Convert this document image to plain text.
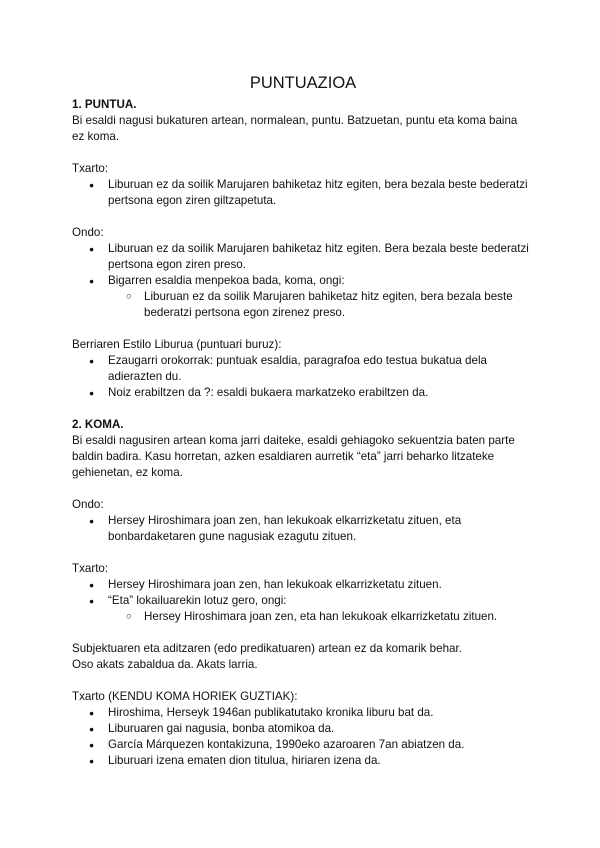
PUNTUAZIOA

1. PUNTUA.

Bi esaldi nagusi bukaturen artean, normalean, puntu. Batzuetan, puntu eta koma baina ez koma.

Txarto:

● Liburuan ez da soilik Marujaren bahiketaz hitz egiten, bera bezala beste bederatzi pertsona egon ziren giltzapetuta.

Ondo:

● Liburuan ez da soilik Marujaren bahiketaz hitz egiten. Bera bezala beste bederatzi pertsona egon ziren preso.
● Bigarren esaldia menpekoa bada, koma, ongi:
○ Liburuan ez da soilik Marujaren bahiketaz hitz egiten, bera bezala beste bederatzi pertsona egon zirenez preso.

Berriaren Estilo Liburua (puntuari buruz):

● Ezaugarri orokorrak: puntuak esaldia, paragrafoa edo testua bukatua dela adierazten du.
● Noiz erabiltzen da ?: esaldi bukaera markatzeko erabiltzen da.

2. KOMA.

Bi esaldi nagusiren artean koma jarri daiteke, esaldi gehiagoko sekuentzia baten parte baldin badira. Kasu horretan, azken esaldiaren aurretik “eta” jarri beharko litzateke gehienetan, ez koma.

Ondo:

● Hersey Hiroshimara joan zen, han lekukoak elkarrizketatu zituen, eta bonbardaketaren gune nagusiak ezagutu zituen.

Txarto:

● Hersey Hiroshimara joan zen, han lekukoak elkarrizketatu zituen.
● “Eta” lokailuarekin lotuz gero, ongi:
○ Hersey Hiroshimara joan zen, eta han lekukoak elkarrizketatu zituen.

Subjektuaren eta aditzaren (edo predikatuaren) artean ez da komarik behar.

Oso akats zabaldua da. Akats larria.

Txarto (KENDU KOMA HORIEK GUZTIAK):

● Hiroshima, Herseyk 1946an publikatutako kronika liburu bat da.
● Liburuaren gai nagusia, bonba atomikoa da.
● García Márquezen kontakizuna, 1990eko azaroaren 7an abiatzen da.
● Liburuari izena ematen dion titulua, hiriaren izena da.
